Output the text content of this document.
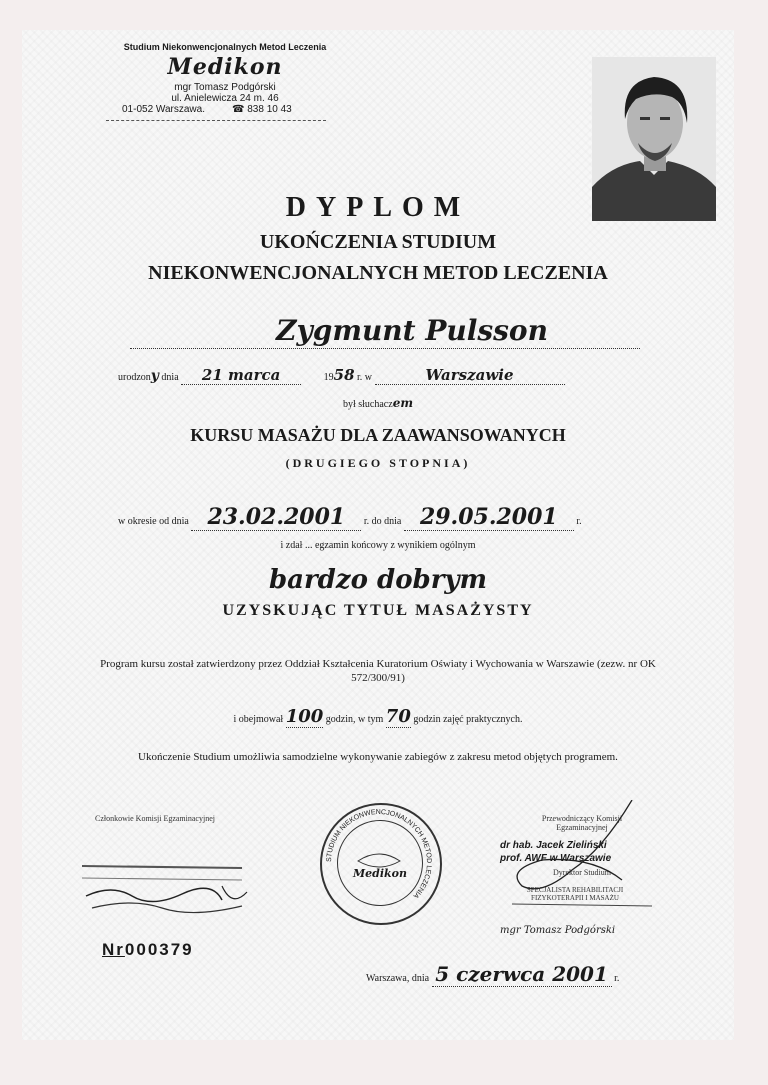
Studium Niekonwencjonalnych Metod Leczenia
Medikon
mgr Tomasz Podgórski
ul. Anielewicza 24 m. 46
01-052 Warszawa.	☎ 838 10 43
DYPLOM
UKOŃCZENIA STUDIUM
NIEKONWENCJONALNYCH METOD LECZENIA
Zygmunt Pulsson
urodzony dnia 21 marca	1958 r. w	Warszawie
był słuchaczem
KURSU MASAŻU DLA ZAAWANSOWANYCH
(DRUGIEGO STOPNIA)
w okresie od dnia 23.02.2001 r. do dnia 29.05.2001 r.
i zdał ... egzamin końcowy z wynikiem ogólnym
bardzo dobrym
UZYSKUJĄC TYTUŁ MASAŻYSTY
Program kursu został zatwierdzony przez Oddział Kształcenia Kuratorium Oświaty i Wychowania w Warszawie (zezw. nr OK 572/300/91)
i obejmował 100 godzin, w tym 70 godzin zajęć praktycznych.
Ukończenie Studium umożliwia samodzielne wykonywanie zabiegów z zakresu metod objętych programem.
Członkowie Komisji Egzaminacyjnej
STUDIUM NIEKONWENCJONALNYCH METOD LECZENIA
Medikon
Przewodniczący Komisji Egzaminacyjnej
dr hab. Jacek Zieliński
prof. AWF w Warszawie
Dyrektor Studium
SPECJALISTA REHABILITACJI FIZYKOTERAPII I MASAŻU
mgr Tomasz Podgórski
Nr000379
Warszawa, dnia 5 czerwca 2001 r.
